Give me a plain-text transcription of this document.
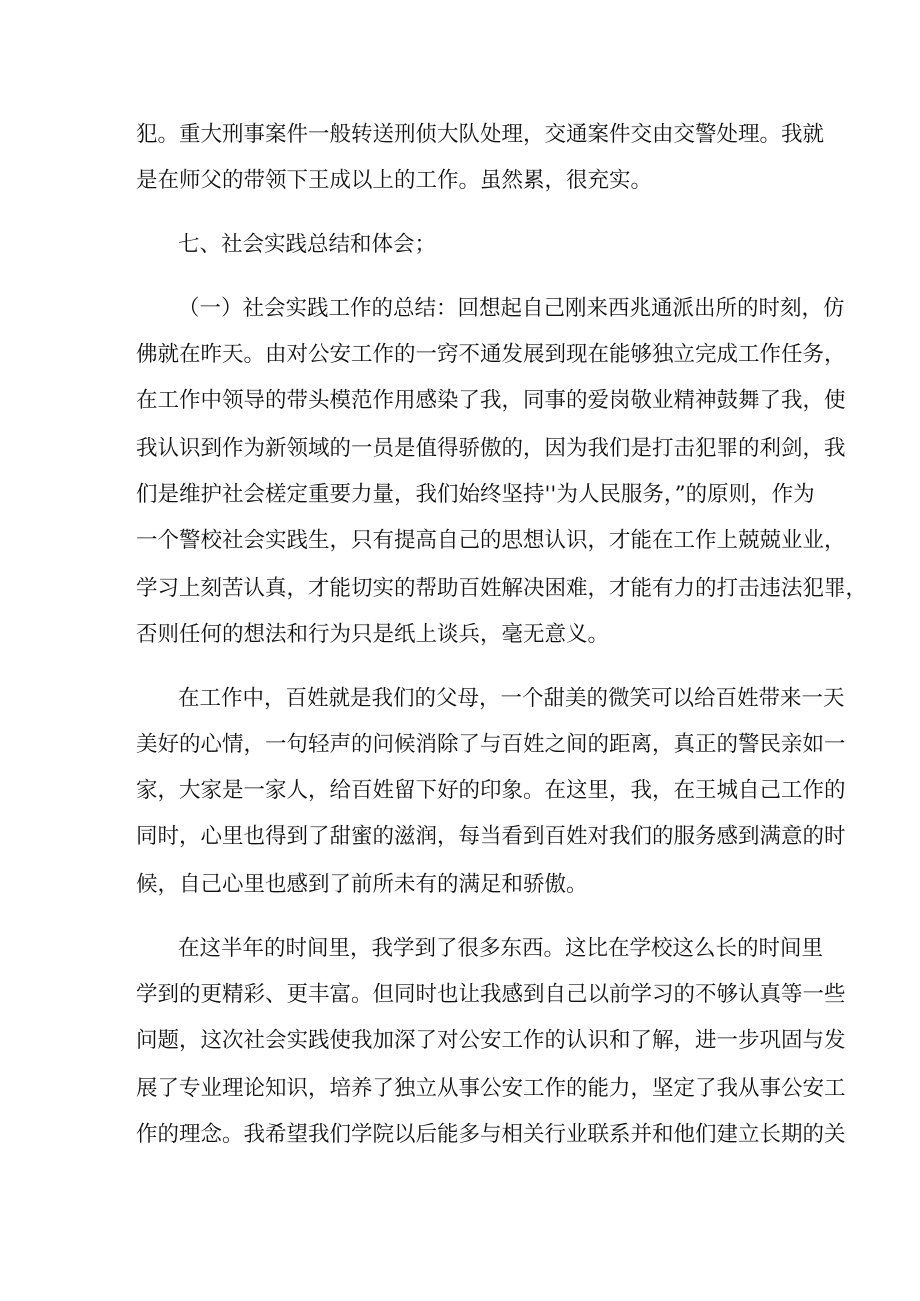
犯。重大刑事案件一般转送刑侦大队处理，交通案件交由交警处理。我就
是在师父的带领下王成以上的工作。虽然累，很充实。
七、社会实践总结和体会；
（一）社会实践工作的总结：回想起自己刚来西兆通派出所的时刻，仿
佛就在昨天。由对公安工作的一窍不通发展到现在能够独立完成工作任务，
在工作中领导的带头模范作用感染了我，同事的爱岗敬业精神鼓舞了我，使
我认识到作为新领域的一员是值得骄傲的，因为我们是打击犯罪的利剑，我
们是维护社会槎定重要力量，我们始终坚持''为人民服务，”的原则，作为
一个警校社会实践生，只有提高自己的思想认识，才能在工作上兢兢业业，
学习上刻苦认真，才能切实的帮助百姓解决困难，才能有力的打击违法犯罪，
否则任何的想法和行为只是纸上谈兵，毫无意义。
在工作中，百姓就是我们的父母，一个甜美的微笑可以给百姓带来一天
美好的心情，一句轻声的问候消除了与百姓之间的距离，真正的警民亲如一
家，大家是一家人，给百姓留下好的印象。在这里，我，在王城自己工作的
同时，心里也得到了甜蜜的滋润，每当看到百姓对我们的服务感到满意的时
候，自己心里也感到了前所未有的满足和骄傲。
在这半年的时间里，我学到了很多东西。这比在学校这么长的时间里
学到的更精彩、更丰富。但同时也让我感到自己以前学习的不够认真等一些
问题，这次社会实践使我加深了对公安工作的认识和了解，进一步巩固与发
展了专业理论知识，培养了独立从事公安工作的能力，坚定了我从事公安工
作的理念。我希望我们学院以后能多与相关行业联系并和他们建立长期的关
